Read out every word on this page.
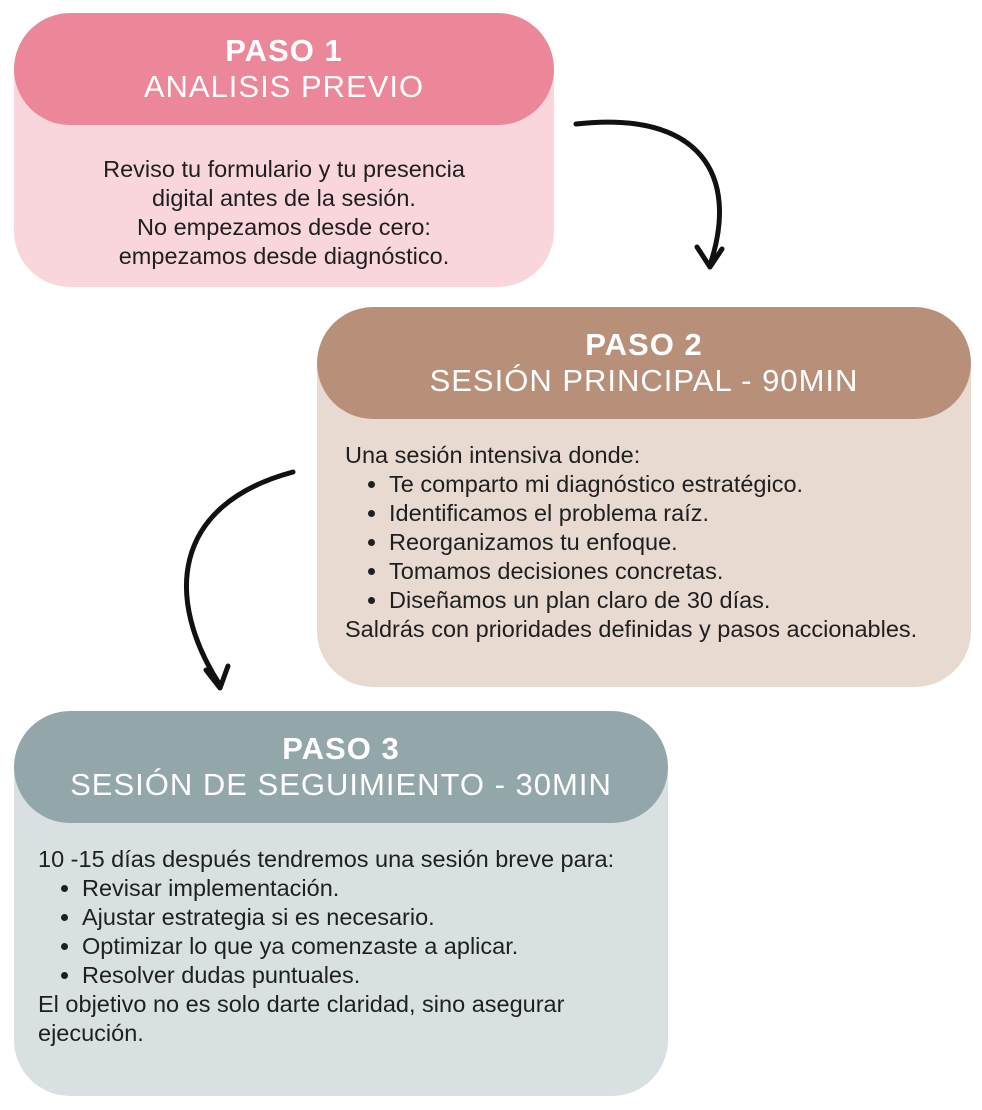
PASO 1
ANALISIS PREVIO

Reviso tu formulario y tu presencia

digital antes de la sesión.

No empezamos desde cero:

empezamos desde diagnóstico.

PASO 2
SESIÓN PRINCIPAL - 90MIN

Una sesión intensiva donde:

• Te comparto mi diagnóstico estratégico.
• Identificamos el problema raíz.
• Reorganizamos tu enfoque.
• Tomamos decisiones concretas.
• Diseñamos un plan claro de 30 días.

Saldrás con prioridades definidas y pasos accionables.

PASO 3
SESIÓN DE SEGUIMIENTO - 30MIN

10 -15 días después tendremos una sesión breve para:

• Revisar implementación.
• Ajustar estrategia si es necesario.
• Optimizar lo que ya comenzaste a aplicar.
• Resolver dudas puntuales.

El objetivo no es solo darte claridad, sino asegurar ejecución.
